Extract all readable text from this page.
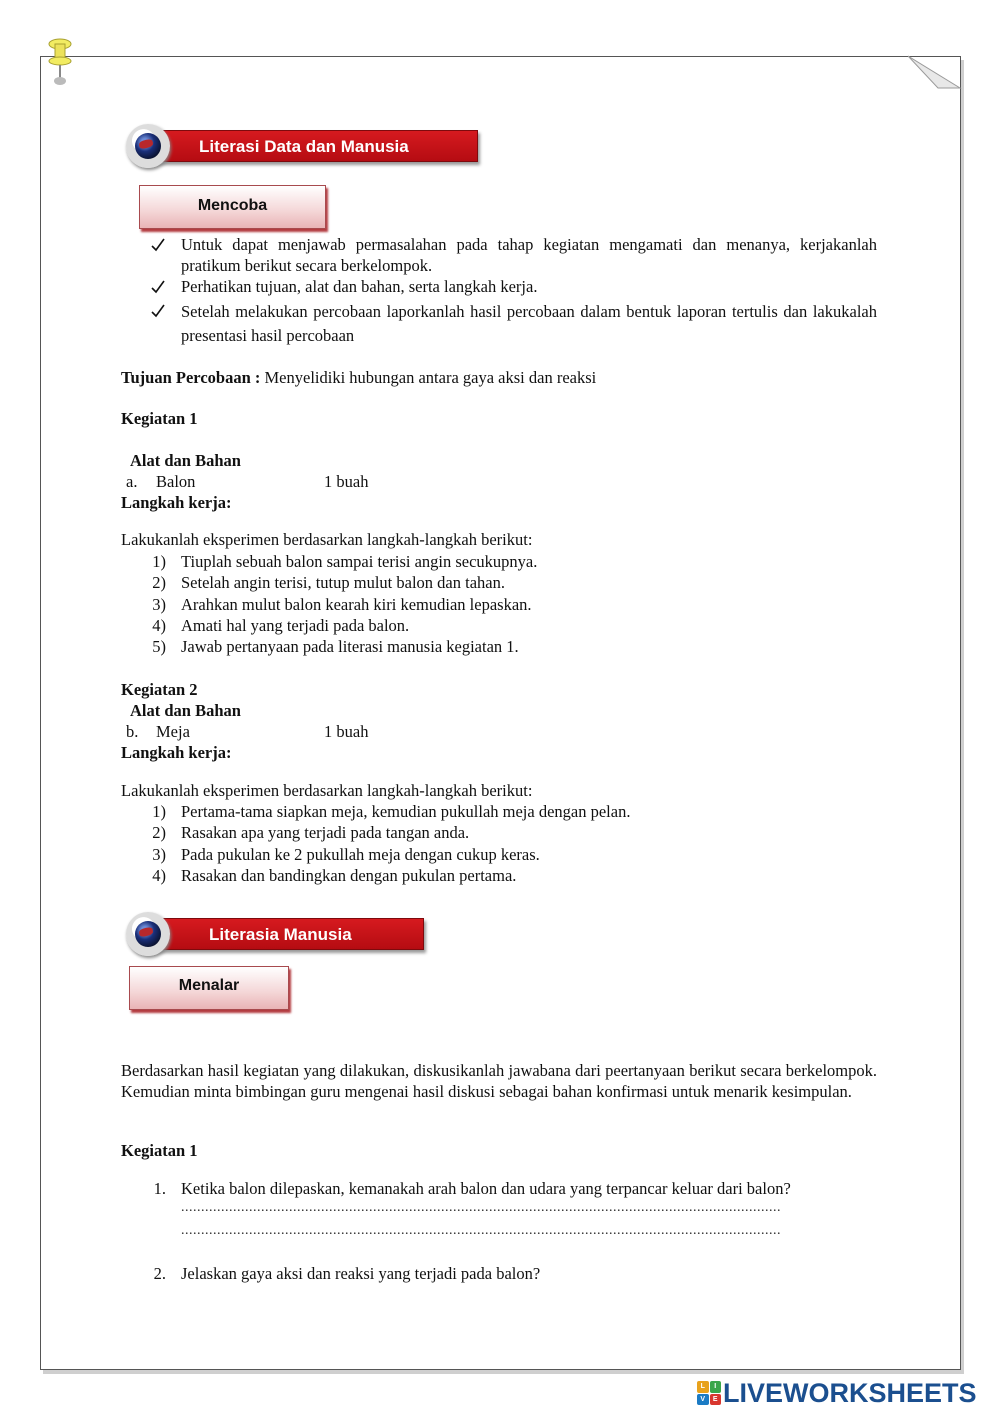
Literasi Data dan Manusia
Mencoba
Untuk dapat menjawab permasalahan pada tahap kegiatan mengamati dan menanya, kerjakanlah pratikum berikut secara berkelompok.
Perhatikan tujuan, alat dan bahan, serta langkah kerja.
Setelah melakukan percobaan laporkanlah hasil percobaan dalam bentuk laporan tertulis dan lakukalah presentasi hasil percobaan
Tujuan Percobaan : Menyelidiki hubungan antara gaya aksi dan reaksi
Kegiatan 1
Alat dan Bahan
a. Balon	1 buah
Langkah kerja:
Lakukanlah eksperimen berdasarkan langkah-langkah berikut:
1) Tiuplah sebuah balon sampai terisi angin secukupnya.
2) Setelah angin terisi, tutup mulut balon dan tahan.
3) Arahkan mulut balon kearah kiri kemudian lepaskan.
4) Amati hal yang terjadi pada balon.
5) Jawab pertanyaan pada literasi manusia kegiatan 1.
Kegiatan 2
Alat dan Bahan
b. Meja	1 buah
Langkah kerja:
Lakukanlah eksperimen berdasarkan langkah-langkah berikut:
1) Pertama-tama siapkan meja, kemudian pukullah meja dengan pelan.
2) Rasakan apa yang terjadi pada tangan anda.
3) Pada pukulan ke 2 pukullah meja dengan cukup keras.
4) Rasakan dan bandingkan dengan pukulan pertama.
Literasia Manusia
Menalar
Berdasarkan hasil kegiatan yang dilakukan, diskusikanlah jawabana dari peertanyaan berikut secara berkelompok. Kemudian minta bimbingan guru mengenai hasil diskusi sebagai bahan konfirmasi untuk menarik kesimpulan.
Kegiatan 1
1. Ketika balon dilepaskan, kemanakah arah balon dan udara yang terpancar keluar dari balon?
......................................................................................................................................................
......................................................................................................................................................
2. Jelaskan gaya aksi dan reaksi yang terjadi pada balon?
L	I
V	E LIVEWORKSHEETS
